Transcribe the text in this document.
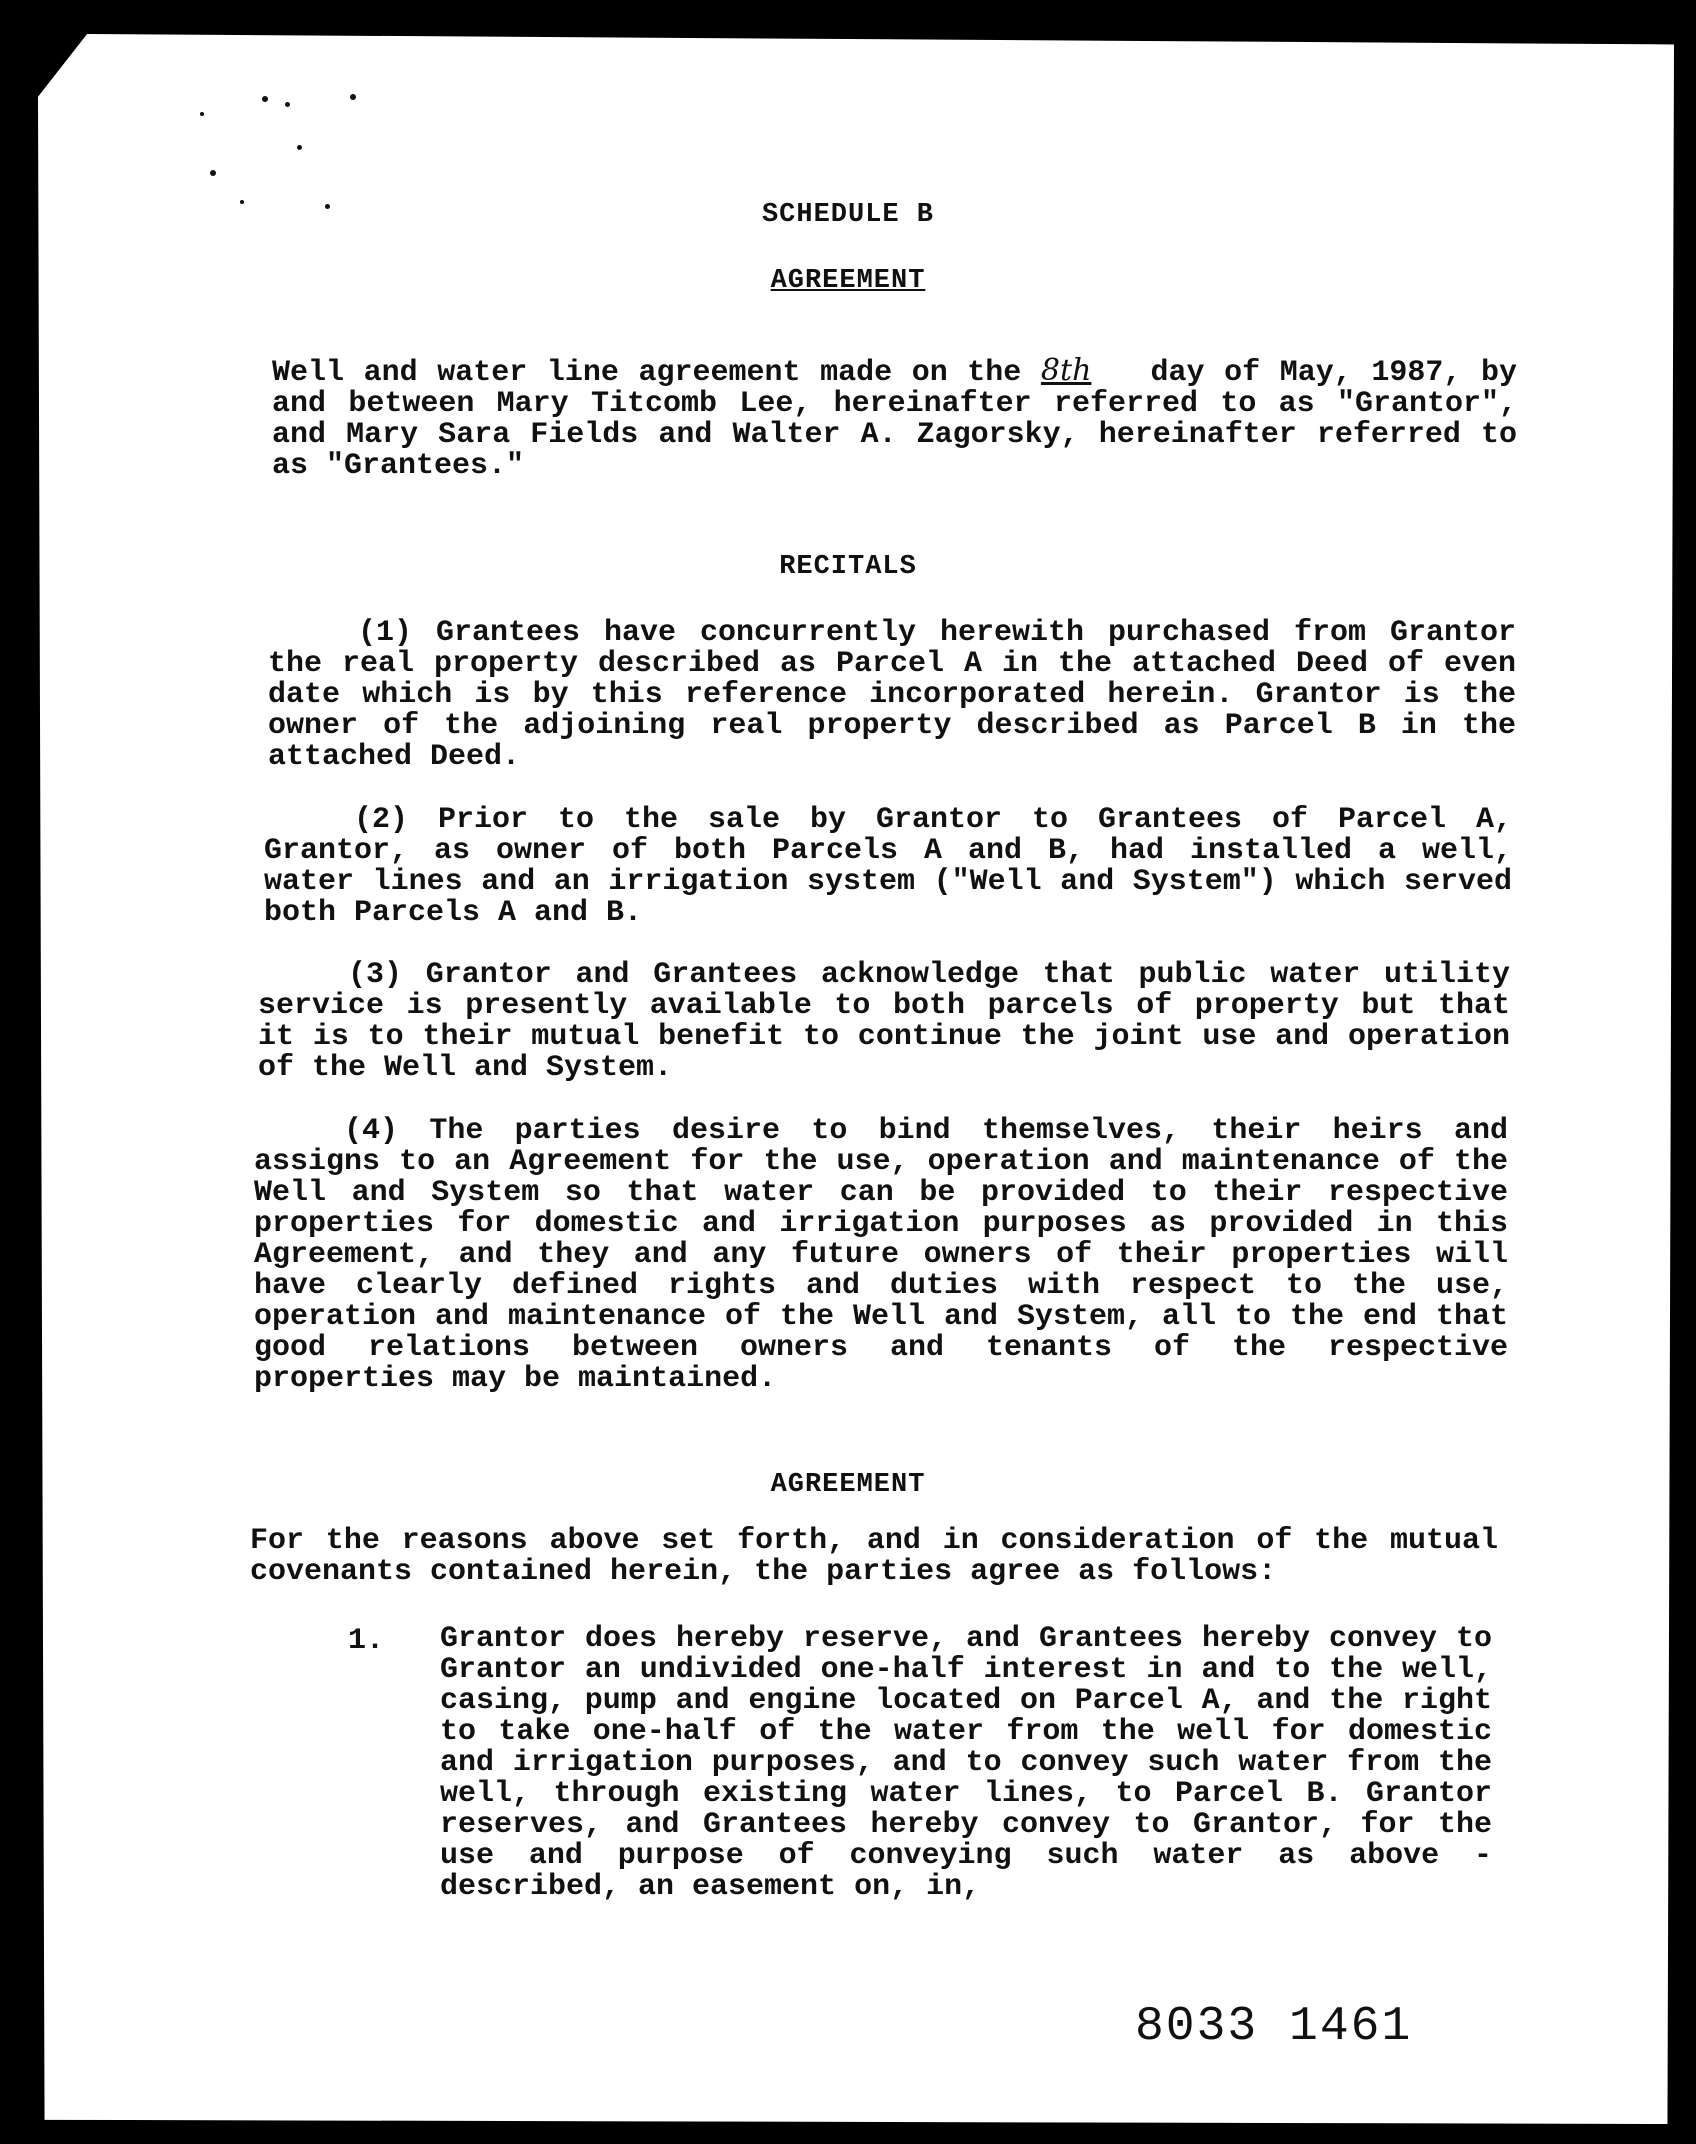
SCHEDULE B
AGREEMENT
Well and water line agreement made on the 8th day of May, 1987, by and between Mary Titcomb Lee, hereinafter referred to as "Grantor", and Mary Sara Fields and Walter A. Zagorsky, hereinafter referred to as "Grantees."
RECITALS
(1) Grantees have concurrently herewith purchased from Grantor the real property described as Parcel A in the attached Deed of even date which is by this reference incorporated herein. Grantor is the owner of the adjoining real property described as Parcel B in the attached Deed.
(2) Prior to the sale by Grantor to Grantees of Parcel A, Grantor, as owner of both Parcels A and B, had installed a well, water lines and an irrigation system ("Well and System") which served both Parcels A and B.
(3) Grantor and Grantees acknowledge that public water utility service is presently available to both parcels of property but that it is to their mutual benefit to continue the joint use and operation of the Well and System.
(4) The parties desire to bind themselves, their heirs and assigns to an Agreement for the use, operation and maintenance of the Well and System so that water can be provided to their respective properties for domestic and irrigation purposes as provided in this Agreement, and they and any future owners of their properties will have clearly defined rights and duties with respect to the use, operation and maintenance of the Well and System, all to the end that good relations between owners and tenants of the respective properties may be maintained.
AGREEMENT
For the reasons above set forth, and in consideration of the mutual covenants contained herein, the parties agree as follows:
1. Grantor does hereby reserve, and Grantees hereby convey to Grantor an undivided one-half interest in and to the well, casing, pump and engine located on Parcel A, and the right to take one-half of the water from the well for domestic and irrigation purposes, and to convey such water from the well, through existing water lines, to Parcel B. Grantor reserves, and Grantees hereby convey to Grantor, for the use and purpose of conveying such water as above - described, an easement on, in,
8033 1461
